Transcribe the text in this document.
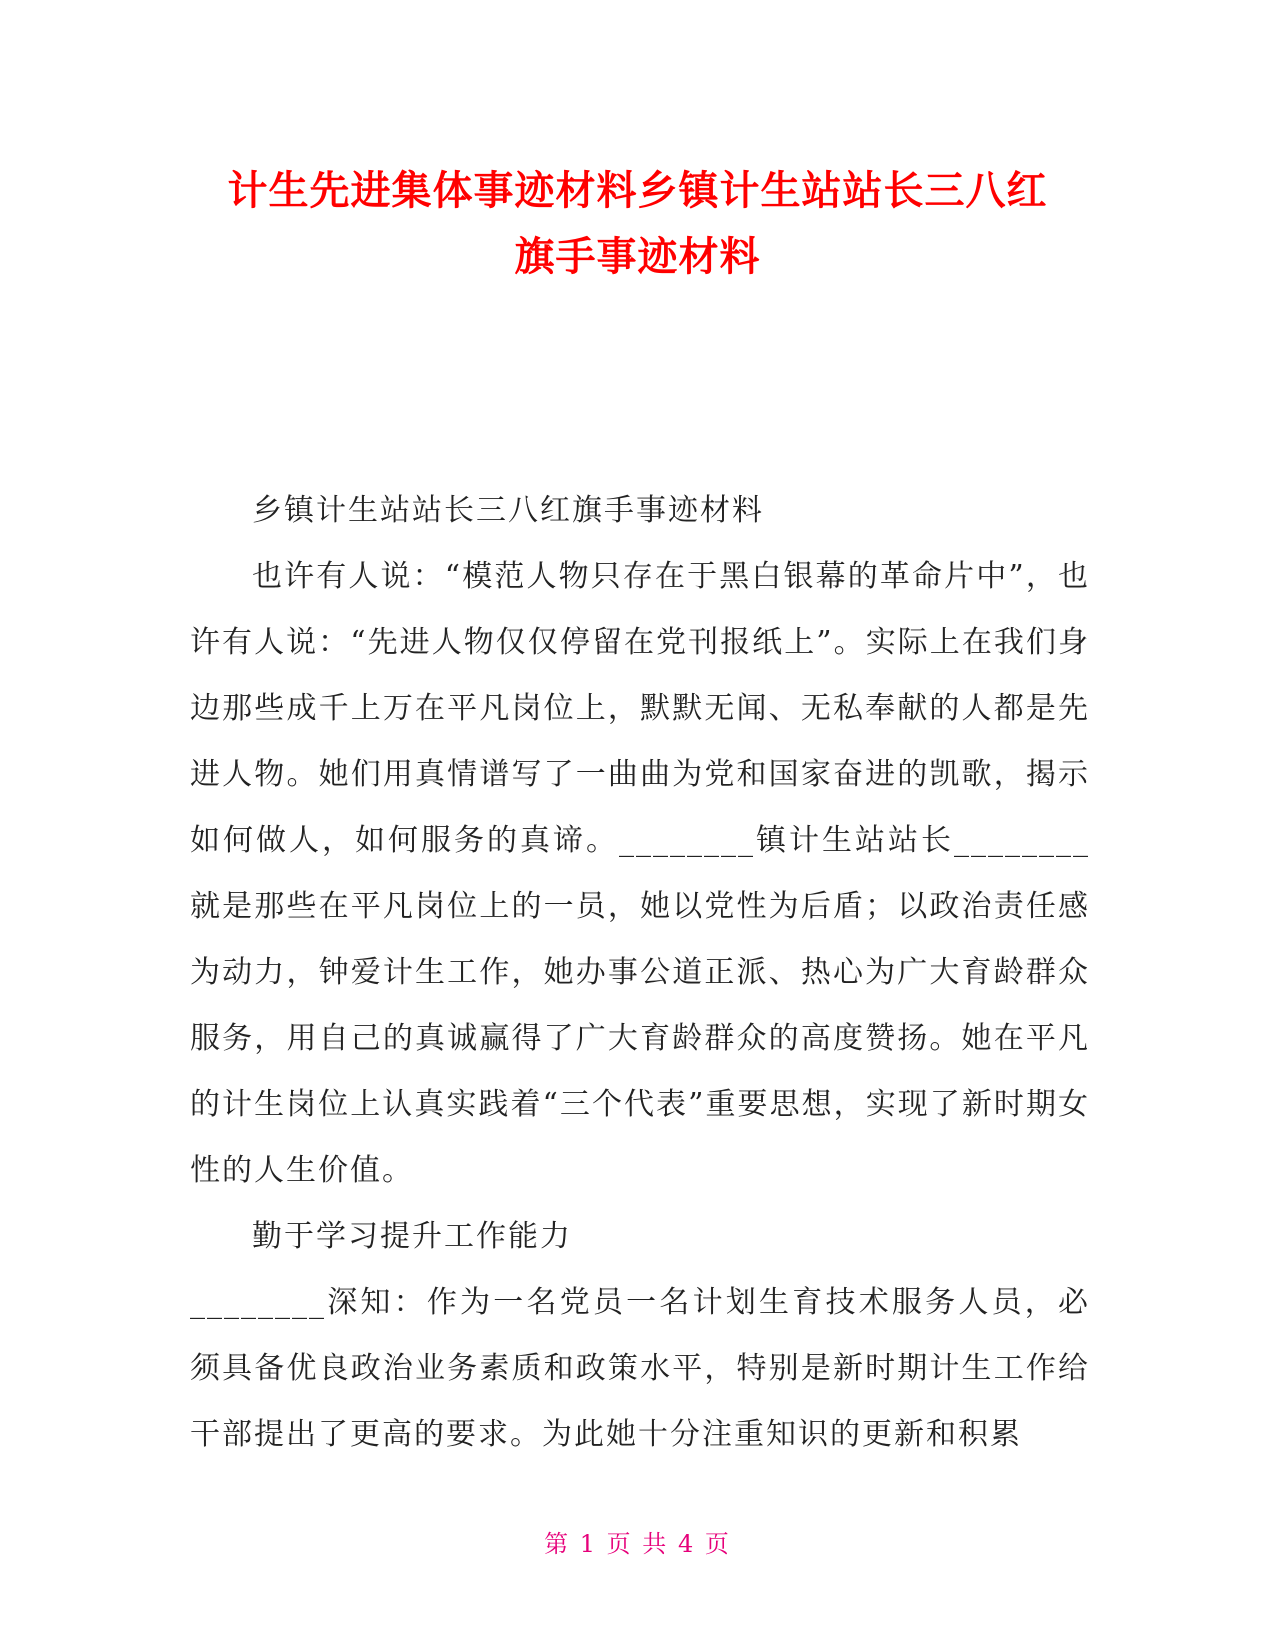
计生先进集体事迹材料乡镇计生站站长三八红
旗手事迹材料

乡镇计生站站长三八红旗手事迹材料

也许有人说：“模范人物只存在于黑白银幕的革命片中”，也许有人说：“先进人物仅仅停留在党刊报纸上”。实际上在我们身边那些成千上万在平凡岗位上，默默无闻、无私奉献的人都是先进人物。她们用真情谱写了一曲曲为党和国家奋进的凯歌，揭示如何做人，如何服务的真谛。________镇计生站站长________就是那些在平凡岗位上的一员，她以党性为后盾；以政治责任感为动力，钟爱计生工作，她办事公道正派、热心为广大育龄群众服务，用自己的真诚赢得了广大育龄群众的高度赞扬。她在平凡的计生岗位上认真实践着“三个代表”重要思想，实现了新时期女性的人生价值。

勤于学习提升工作能力

________深知：作为一名党员一名计划生育技术服务人员，必须具备优良政治业务素质和政策水平，特别是新时期计生工作给干部提出了更高的要求。为此她十分注重知识的更新和积累

第 1 页 共 4 页
